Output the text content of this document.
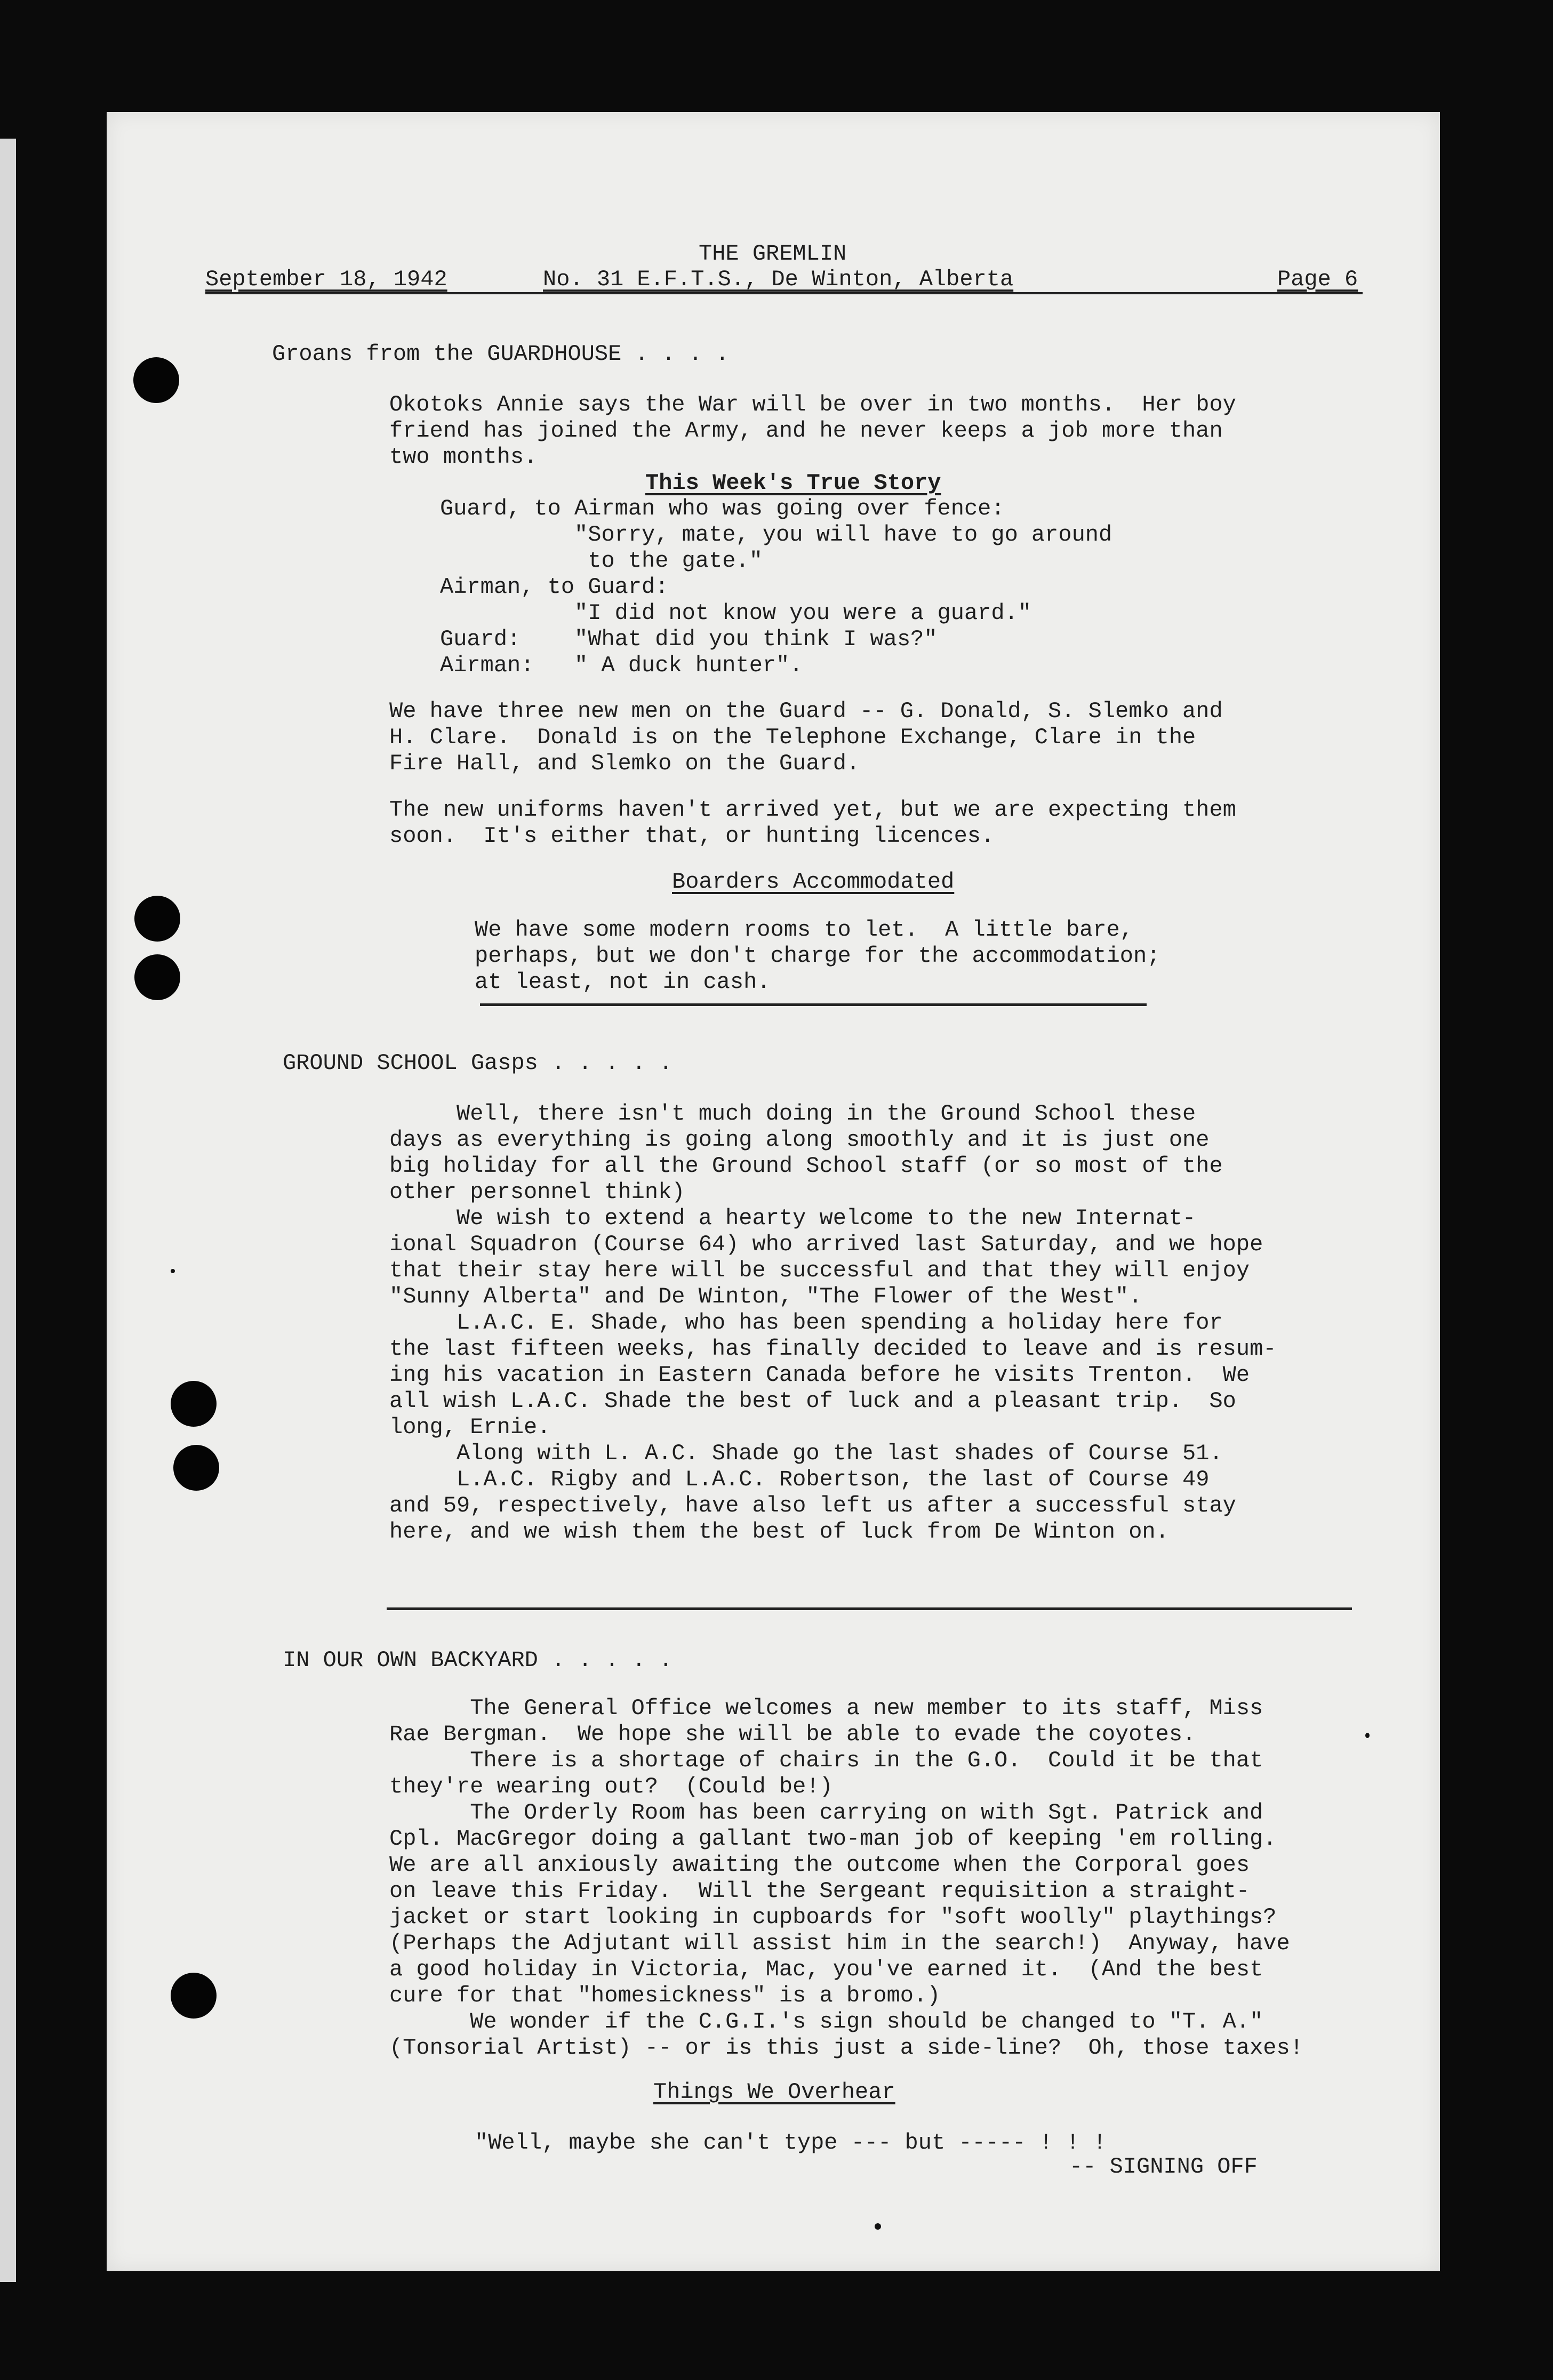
THE GREMLIN
September 18, 1942	No. 31 E.F.T.S., De Winton, Alberta	Page 6
Groans from the GUARDHOUSE . . . .
Okotoks Annie says the War will be over in two months.  Her boy
friend has joined the Army, and he never keeps a job more than
two months.
This Week's True Story
Guard, to Airman who was going over fence:
"Sorry, mate, you will have to go around
to the gate."
Airman, to Guard:
"I did not know you were a guard."
Guard:    "What did you think I was?"
Airman:   " A duck hunter".
We have three new men on the Guard -- G. Donald, S. Slemko and
H. Clare.  Donald is on the Telephone Exchange, Clare in the
Fire Hall, and Slemko on the Guard.
The new uniforms haven't arrived yet, but we are expecting them
soon.  It's either that, or hunting licences.
Boarders Accommodated
We have some modern rooms to let.  A little bare,
perhaps, but we don't charge for the accommodation;
at least, not in cash.
GROUND SCHOOL Gasps . . . . .
Well, there isn't much doing in the Ground School these
days as everything is going along smoothly and it is just one
big holiday for all the Ground School staff (or so most of the
other personnel think)
We wish to extend a hearty welcome to the new Internat-
ional Squadron (Course 64) who arrived last Saturday, and we hope
that their stay here will be successful and that they will enjoy
"Sunny Alberta" and De Winton, "The Flower of the West".
L.A.C. E. Shade, who has been spending a holiday here for
the last fifteen weeks, has finally decided to leave and is resum-
ing his vacation in Eastern Canada before he visits Trenton.  We
all wish L.A.C. Shade the best of luck and a pleasant trip.  So
long, Ernie.
Along with L. A.C. Shade go the last shades of Course 51.
L.A.C. Rigby and L.A.C. Robertson, the last of Course 49
and 59, respectively, have also left us after a successful stay
here, and we wish them the best of luck from De Winton on.
IN OUR OWN BACKYARD . . . . .
The General Office welcomes a new member to its staff, Miss
Rae Bergman.  We hope she will be able to evade the coyotes.
There is a shortage of chairs in the G.O.  Could it be that
they're wearing out?  (Could be!)
The Orderly Room has been carrying on with Sgt. Patrick and
Cpl. MacGregor doing a gallant two-man job of keeping 'em rolling.
We are all anxiously awaiting the outcome when the Corporal goes
on leave this Friday.  Will the Sergeant requisition a straight-
jacket or start looking in cupboards for "soft woolly" playthings?
(Perhaps the Adjutant will assist him in the search!)  Anyway, have
a good holiday in Victoria, Mac, you've earned it.  (And the best
cure for that "homesickness" is a bromo.)
We wonder if the C.G.I.'s sign should be changed to "T. A."
(Tonsorial Artist) -- or is this just a side-line?  Oh, those taxes!
Things We Overhear
"Well, maybe she can't type --- but ----- ! ! !
-- SIGNING OFF
